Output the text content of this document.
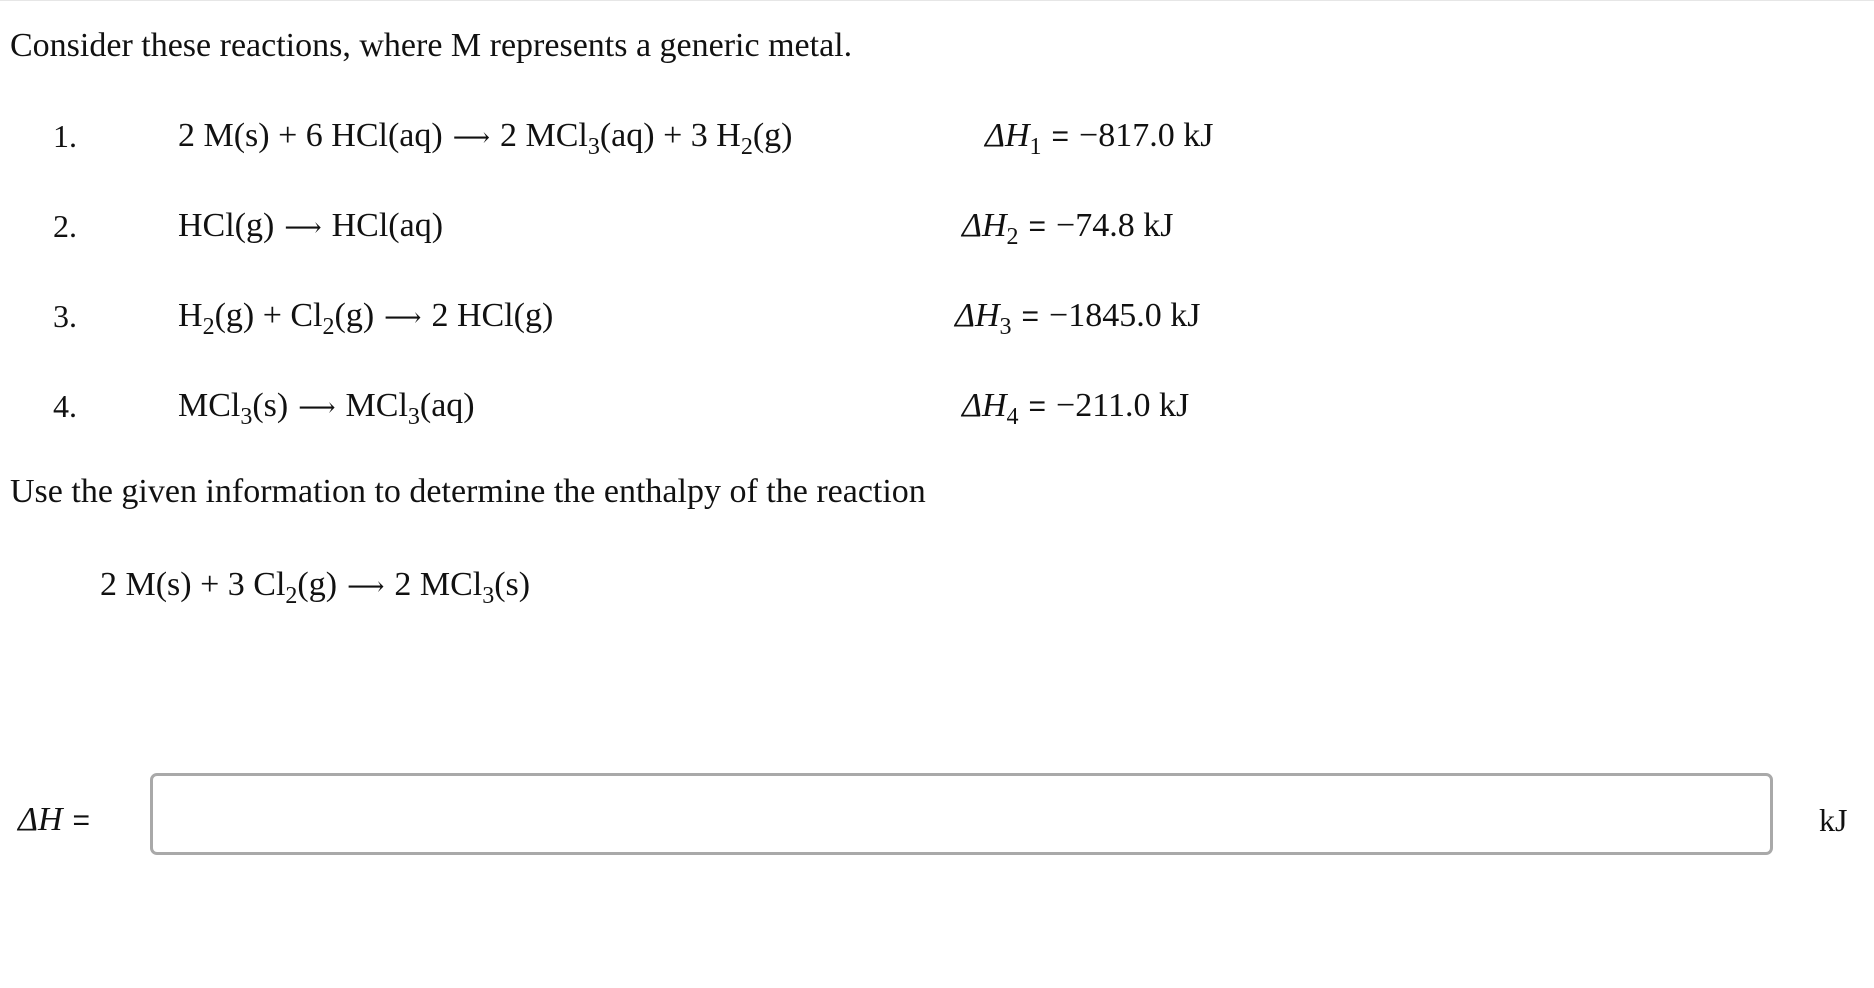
Consider these reactions, where M represents a generic metal.
1.	2 M(s) + 6 HCl(aq) ⟶ 2 MCl$_3$(aq) + 3 $H_2(g)$	$\Delta H_1 = -817.0$ kJ
2.	HCl(g) ⟶ HCl(aq)	$\Delta H_2 = -74.8$ kJ
3.	$H_2(g) + Cl_2(g)$ ⟶ 2 HCl(g)	$\Delta H_3 = -1845.0$ kJ
4.	MCl$_3$(s) ⟶ MCl$_3$(aq)	$\Delta H_4 = -211.0$ kJ
Use the given information to determine the enthalpy of the reaction
2 M(s) + 3 $Cl_2(g)$ ⟶ 2 MCl$_3$(s)
ΔH =	kJ
